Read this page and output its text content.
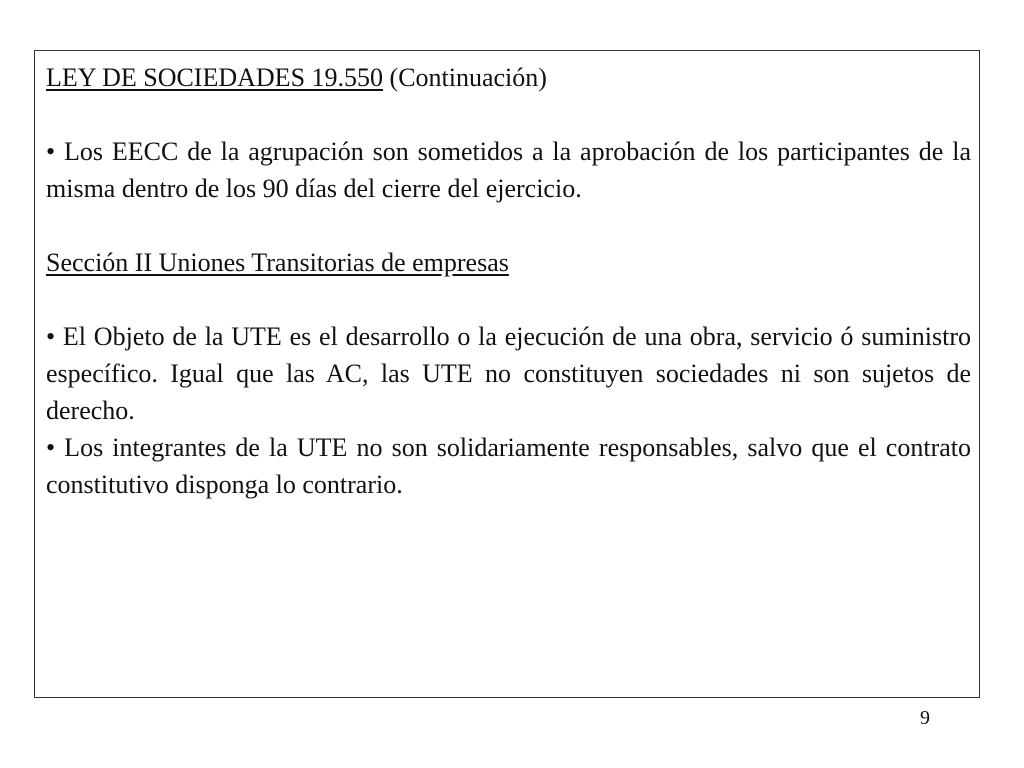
LEY DE SOCIEDADES 19.550 (Continuación)

• Los EECC de la agrupación son sometidos a la aprobación de los participantes de la misma dentro de los 90 días del cierre del ejercicio.

Sección II Uniones Transitorias de empresas

• El Objeto de la UTE es el desarrollo o la ejecución de una obra, servicio ó suministro específico. Igual que las AC, las UTE no constituyen sociedades ni son sujetos de derecho.

• Los integrantes de la UTE no son solidariamente responsables, salvo que el contrato constitutivo disponga lo contrario.

9
